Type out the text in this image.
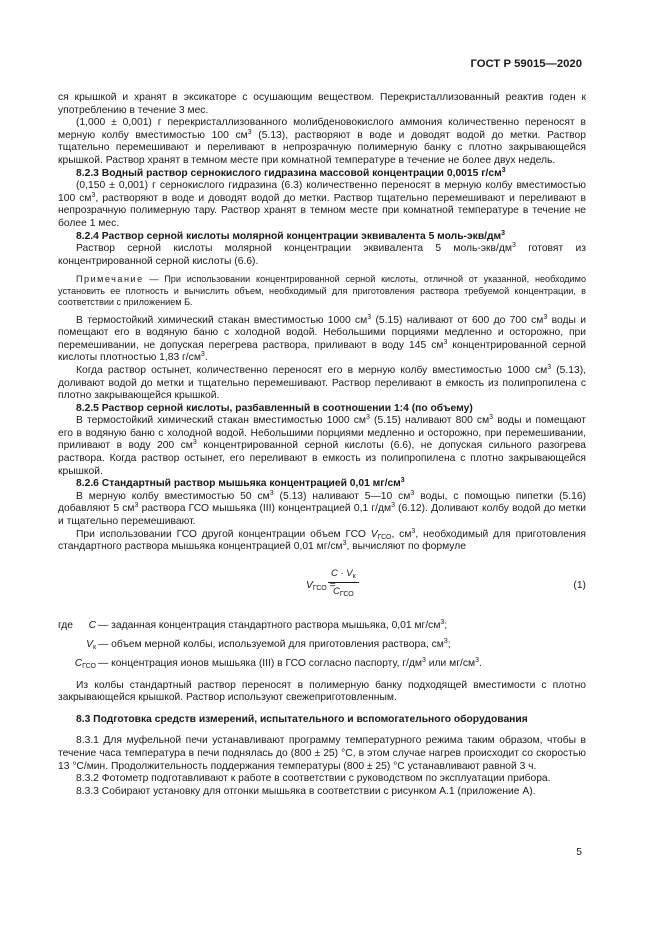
ГОСТ Р 59015—2020

ся крышкой и хранят в эксикаторе с осушающим веществом. Перекристаллизованный реактив годен к употреблению в течение 3 мес.

(1,000 ± 0,001) г перекристаллизованного молибденовокислого аммония количественно переносят в мерную колбу вместимостью 100 $см^3$ (5.13), растворяют в воде и доводят водой до метки. Раствор тщательно перемешивают и переливают в непрозрачную полимерную банку с плотно закрывающейся крышкой. Раствор хранят в темном месте при комнатной температуре в течение не более двух недель.

8.2.3 Водный раствор сернокислого гидразина массовой концентрации 0,0015 $г/см^3$

(0,150 ± 0,001) г сернокислого гидразина (6.3) количественно переносят в мерную колбу вместимостью 100 $см^3$, растворяют в воде и доводят водой до метки. Раствор тщательно перемешивают и переливают в непрозрачную полимерную тару. Раствор хранят в темном месте при комнатной температуре в течение не более 1 мес.

8.2.4 Раствор серной кислоты молярной концентрации эквивалента 5 моль-$экв/дм^3$

Раствор серной кислоты молярной концентрации эквивалента 5 моль-$экв/дм^3$ готовят из концентрированной серной кислоты (6.6).

Примечание — При использовании концентрированной серной кислоты, отличной от указанной, необходимо установить ее плотность и вычислить объем, необходимый для приготовления раствора требуемой концентрации, в соответствии с приложением Б.

В термостойкий химический стакан вместимостью 1000 $см^3$ (5.15) наливают от 600 до 700 $см^3$ воды и помещают его в водяную баню с холодной водой. Небольшими порциями медленно и осторожно, при перемешивании, не допуская перегрева раствора, приливают в воду 145 $см^3$ концентрированной серной кислоты плотностью 1,83 $г/см^3$.

Когда раствор остынет, количественно переносят его в мерную колбу вместимостью 1000 $см^3$ (5.13), доливают водой до метки и тщательно перемешивают. Раствор переливают в емкость из полипропилена с плотно закрывающейся крышкой.

8.2.5 Раствор серной кислоты, разбавленный в соотношении 1:4 (по объему)

В термостойкий химический стакан вместимостью 1000 $см^3$ (5.15) наливают 800 $см^3$ воды и помещают его в водяную баню с холодной водой. Небольшими порциями медленно и осторожно, при перемешивании, приливают в воду 200 $см^3$ концентрированной серной кислоты (6.6), не допуская сильного разогрева раствора. Когда раствор остынет, его переливают в емкость из полипропилена с плотно закрывающейся крышкой.

8.2.6 Стандартный раствор мышьяка концентрацией 0,01 $мг/см^3$

В мерную колбу вместимостью 50 $см^3$ (5.13) наливают 5—10 $см^3$ воды, с помощью пипетки (5.16) добавляют 5 $см^3$ раствора ГСО мышьяка (III) концентрацией 0,1 $г/дм^3$ (6.12). Доливают колбу водой до метки и тщательно перемешивают.

При использовании ГСО другой концентрации объем ГСО $V_{ГСО}$, $см^3$, необходимый для приготовления стандартного раствора мышьяка концентрацией 0,01 $мг/см^3$, вычисляют по формуле

$V_{ГСО}$ =
$C \cdot V_к$
$C_{ГСО}$
(1)
где	C — заданная концентрация стандартного раствора мышьяка, 0,01 $мг/см^3$;
$V_к$ — объем мерной колбы, используемой для приготовления раствора, $см^3$;
$C_{ГСО}$ — концентрация ионов мышьяка (III) в ГСО согласно паспорту, $г/дм^3$ или $мг/см^3$.

Из колбы стандартный раствор переносят в полимерную банку подходящей вместимости с плотно закрывающейся крышкой. Раствор используют свежеприготовленным.

8.3 Подготовка средств измерений, испытательного и вспомогательного оборудования

8.3.1 Для муфельной печи устанавливают программу температурного режима таким образом, чтобы в течение часа температура в печи поднялась до (800 ± 25) °С, в этом случае нагрев происходит со скоростью 13 °С/мин. Продолжительность поддержания температуры (800 ± 25) °С устанавливают равной 3 ч.

8.3.2 Фотометр подготавливают к работе в соответствии с руководством по эксплуатации прибора.

8.3.3 Собирают установку для отгонки мышьяка в соответствии с рисунком А.1 (приложение А).

5
